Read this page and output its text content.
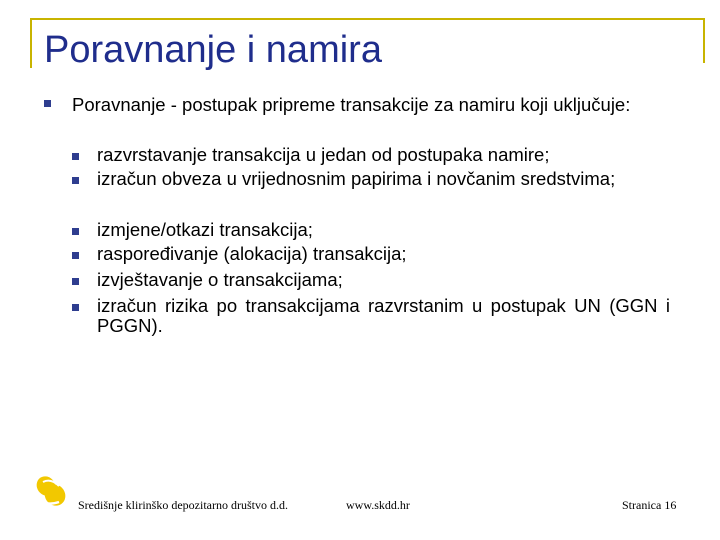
Poravnanje i namira
Poravnanje - postupak pripreme transakcije za namiru koji uključuje:
razvrstavanje transakcija u jedan od postupaka namire;
izračun obveza u vrijednosnim papirima i novčanim sredstvima;
izmjene/otkazi transakcija;
raspoređivanje (alokacija) transakcija;
izvještavanje o transakcijama;
izračun rizika po transakcijama razvrstanim u postupak UN (GGN i PGGN).
Središnje klirinško depozitarno društvo d.d.	www.skdd.hr	Stranica 16
